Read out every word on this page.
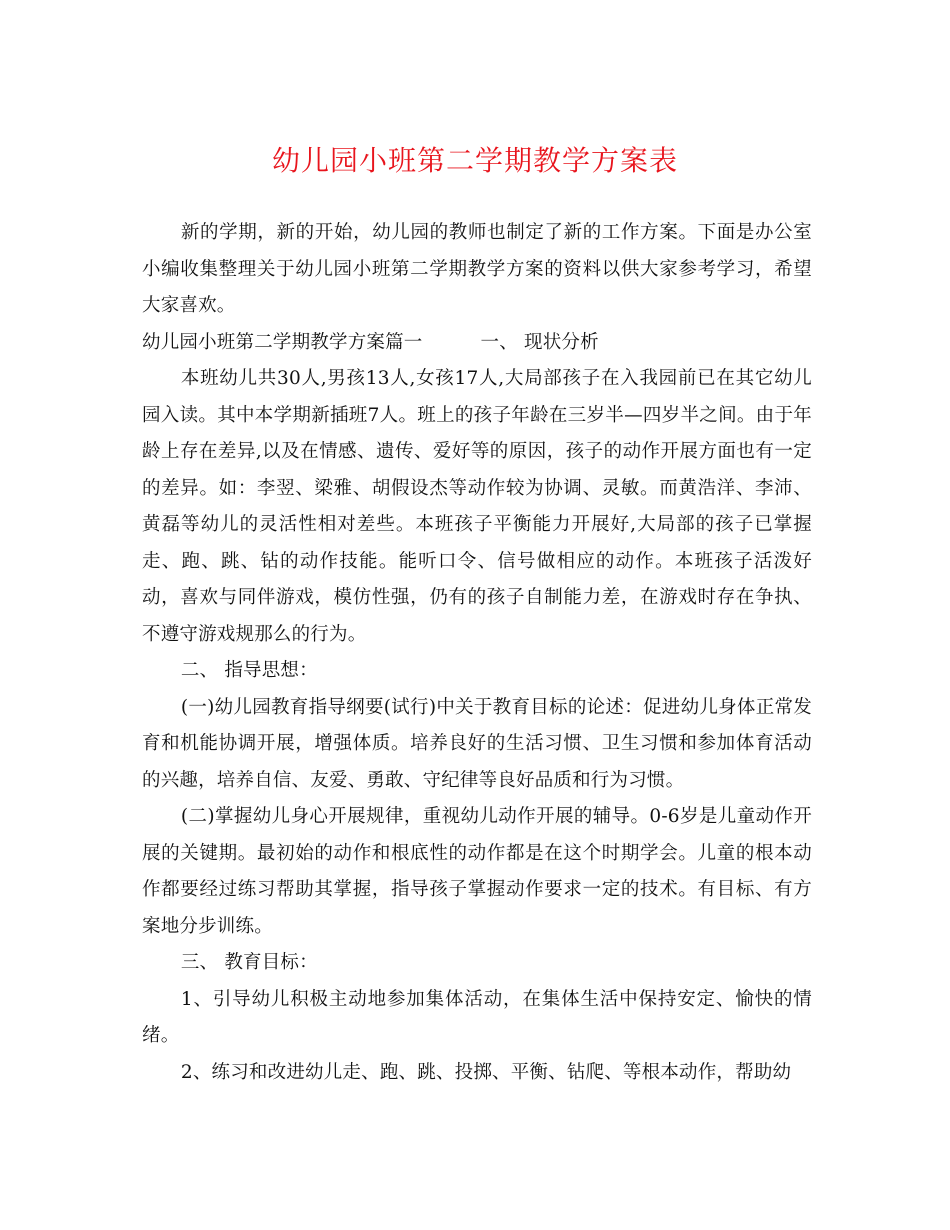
幼儿园小班第二学期教学方案表

新的学期，新的开始，幼儿园的教师也制定了新的工作方案。下面是办公室小编收集整理关于幼儿园小班第二学期教学方案的资料以供大家参考学习，希望大家喜欢。

幼儿园小班第二学期教学方案篇一	一、 现状分析

本班幼儿共30人,男孩13人,女孩17人,大局部孩子在入我园前已在其它幼儿园入读。其中本学期新插班7人。班上的孩子年龄在三岁半—四岁半之间。由于年龄上存在差异,以及在情感、遗传、爱好等的原因，孩子的动作开展方面也有一定的差异。如：李翌、梁雅、胡假设杰等动作较为协调、灵敏。而黄浩洋、李沛、黄磊等幼儿的灵活性相对差些。本班孩子平衡能力开展好,大局部的孩子已掌握走、跑、跳、钻的动作技能。能听口令、信号做相应的动作。本班孩子活泼好动，喜欢与同伴游戏，模仿性强，仍有的孩子自制能力差，在游戏时存在争执、不遵守游戏规那么的行为。

二、 指导思想：

(一)幼儿园教育指导纲要(试行)中关于教育目标的论述：促进幼儿身体正常发育和机能协调开展，增强体质。培养良好的生活习惯、卫生习惯和参加体育活动的兴趣，培养自信、友爱、勇敢、守纪律等良好品质和行为习惯。

(二)掌握幼儿身心开展规律，重视幼儿动作开展的辅导。0-6岁是儿童动作开展的关键期。最初始的动作和根底性的动作都是在这个时期学会。儿童的根本动作都要经过练习帮助其掌握，指导孩子掌握动作要求一定的技术。有目标、有方案地分步训练。

三、 教育目标：

1、引导幼儿积极主动地参加集体活动，在集体生活中保持安定、愉快的情绪。

2、练习和改进幼儿走、跑、跳、投掷、平衡、钻爬、等根本动作，帮助幼
